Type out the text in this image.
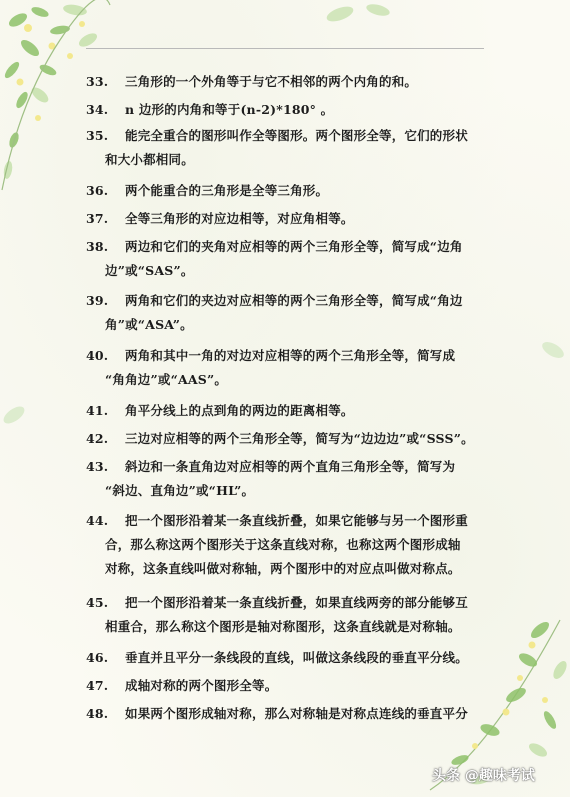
33.	三角形的一个外角等于与它不相邻的两个内角的和。
34.	n 边形的内角和等于(n-2)*180° 。
35.	能完全重合的图形叫作全等图形。两个图形全等，它们的形状
和大小都相同。
36.	两个能重合的三角形是全等三角形。
37.	全等三角形的对应边相等，对应角相等。
38.	两边和它们的夹角对应相等的两个三角形全等，简写成“边角
边”或“SAS”。
39.	两角和它们的夹边对应相等的两个三角形全等，简写成“角边
角”或“ASA”。
40.	两角和其中一角的对边对应相等的两个三角形全等，简写成
“角角边”或“AAS”。
41.	角平分线上的点到角的两边的距离相等。
42.	三边对应相等的两个三角形全等，简写为“边边边”或“SSS”。
43.	斜边和一条直角边对应相等的两个直角三角形全等，简写为
“斜边、直角边”或“HL”。
44.	把一个图形沿着某一条直线折叠，如果它能够与另一个图形重
合，那么称这两个图形关于这条直线对称，也称这两个图形成轴
对称，这条直线叫做对称轴，两个图形中的对应点叫做对称点。
45.	把一个图形沿着某一条直线折叠，如果直线两旁的部分能够互
相重合，那么称这个图形是轴对称图形，这条直线就是对称轴。
46.	垂直并且平分一条线段的直线，叫做这条线段的垂直平分线。
47.	成轴对称的两个图形全等。
48.	如果两个图形成轴对称，那么对称轴是对称点连线的垂直平分
头条 @趣味考试
